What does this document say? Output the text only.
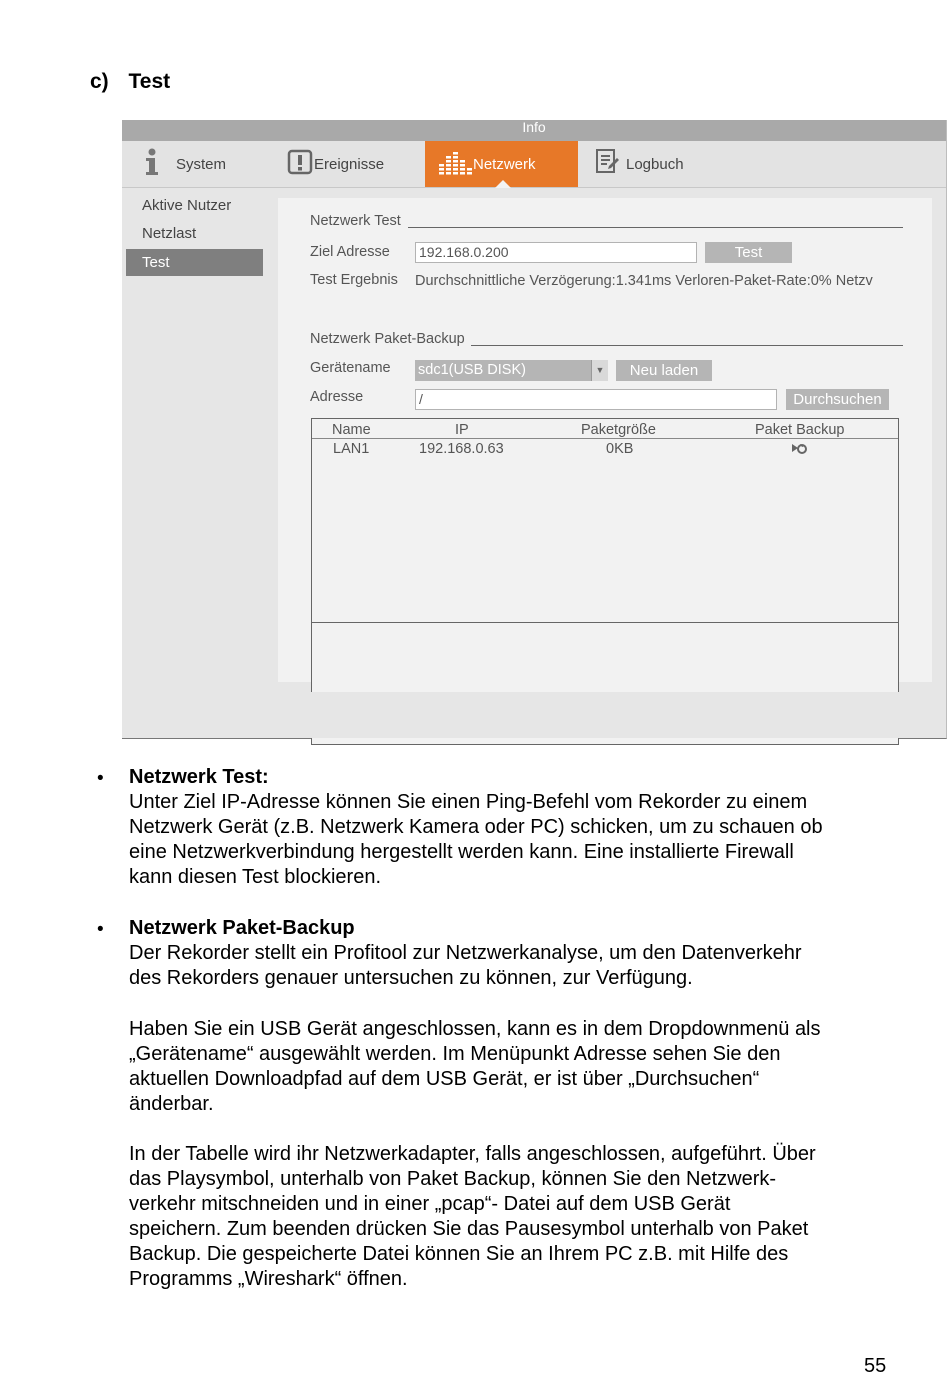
c) Test
Info
System	Ereignisse	Netzwerk	Logbuch
Aktive Nutzer
Netzlast
Test
Netzwerk Test
Ziel Adresse 192.168.0.200	Test
Test Ergebnis Durchschnittliche Verzögerung:1.341ms Verloren-Paket-Rate:0% Netzv
Netzwerk Paket-Backup
Gerätename sdc1(USB DISK)	▼	Neu laden
Adresse	/	Durchsuchen
Name	IP	Paketgröße	Paket Backup
LAN1	192.168.0.63	0KB
• Netzwerk Test:
Unter Ziel IP-Adresse können Sie einen Ping-Befehl vom Rekorder zu einem
Netzwerk Gerät (z.B. Netzwerk Kamera oder PC) schicken, um zu schauen ob
eine Netzwerkverbindung hergestellt werden kann. Eine installierte Firewall
kann diesen Test blockieren.
• Netzwerk Paket-Backup
Der Rekorder stellt ein Profitool zur Netzwerkanalyse, um den Datenverkehr
des Rekorders genauer untersuchen zu können, zur Verfügung.
Haben Sie ein USB Gerät angeschlossen, kann es in dem Dropdownmenü als
„Gerätename“ ausgewählt werden. Im Menüpunkt Adresse sehen Sie den
aktuellen Downloadpfad auf dem USB Gerät, er ist über „Durchsuchen“
änderbar.
In der Tabelle wird ihr Netzwerkadapter, falls angeschlossen, aufgeführt. Über
das Playsymbol, unterhalb von Paket Backup, können Sie den Netzwerk-
verkehr mitschneiden und in einer „pcap“- Datei auf dem USB Gerät
speichern. Zum beenden drücken Sie das Pausesymbol unterhalb von Paket
Backup. Die gespeicherte Datei können Sie an Ihrem PC z.B. mit Hilfe des
Programms „Wireshark“ öffnen.
55
